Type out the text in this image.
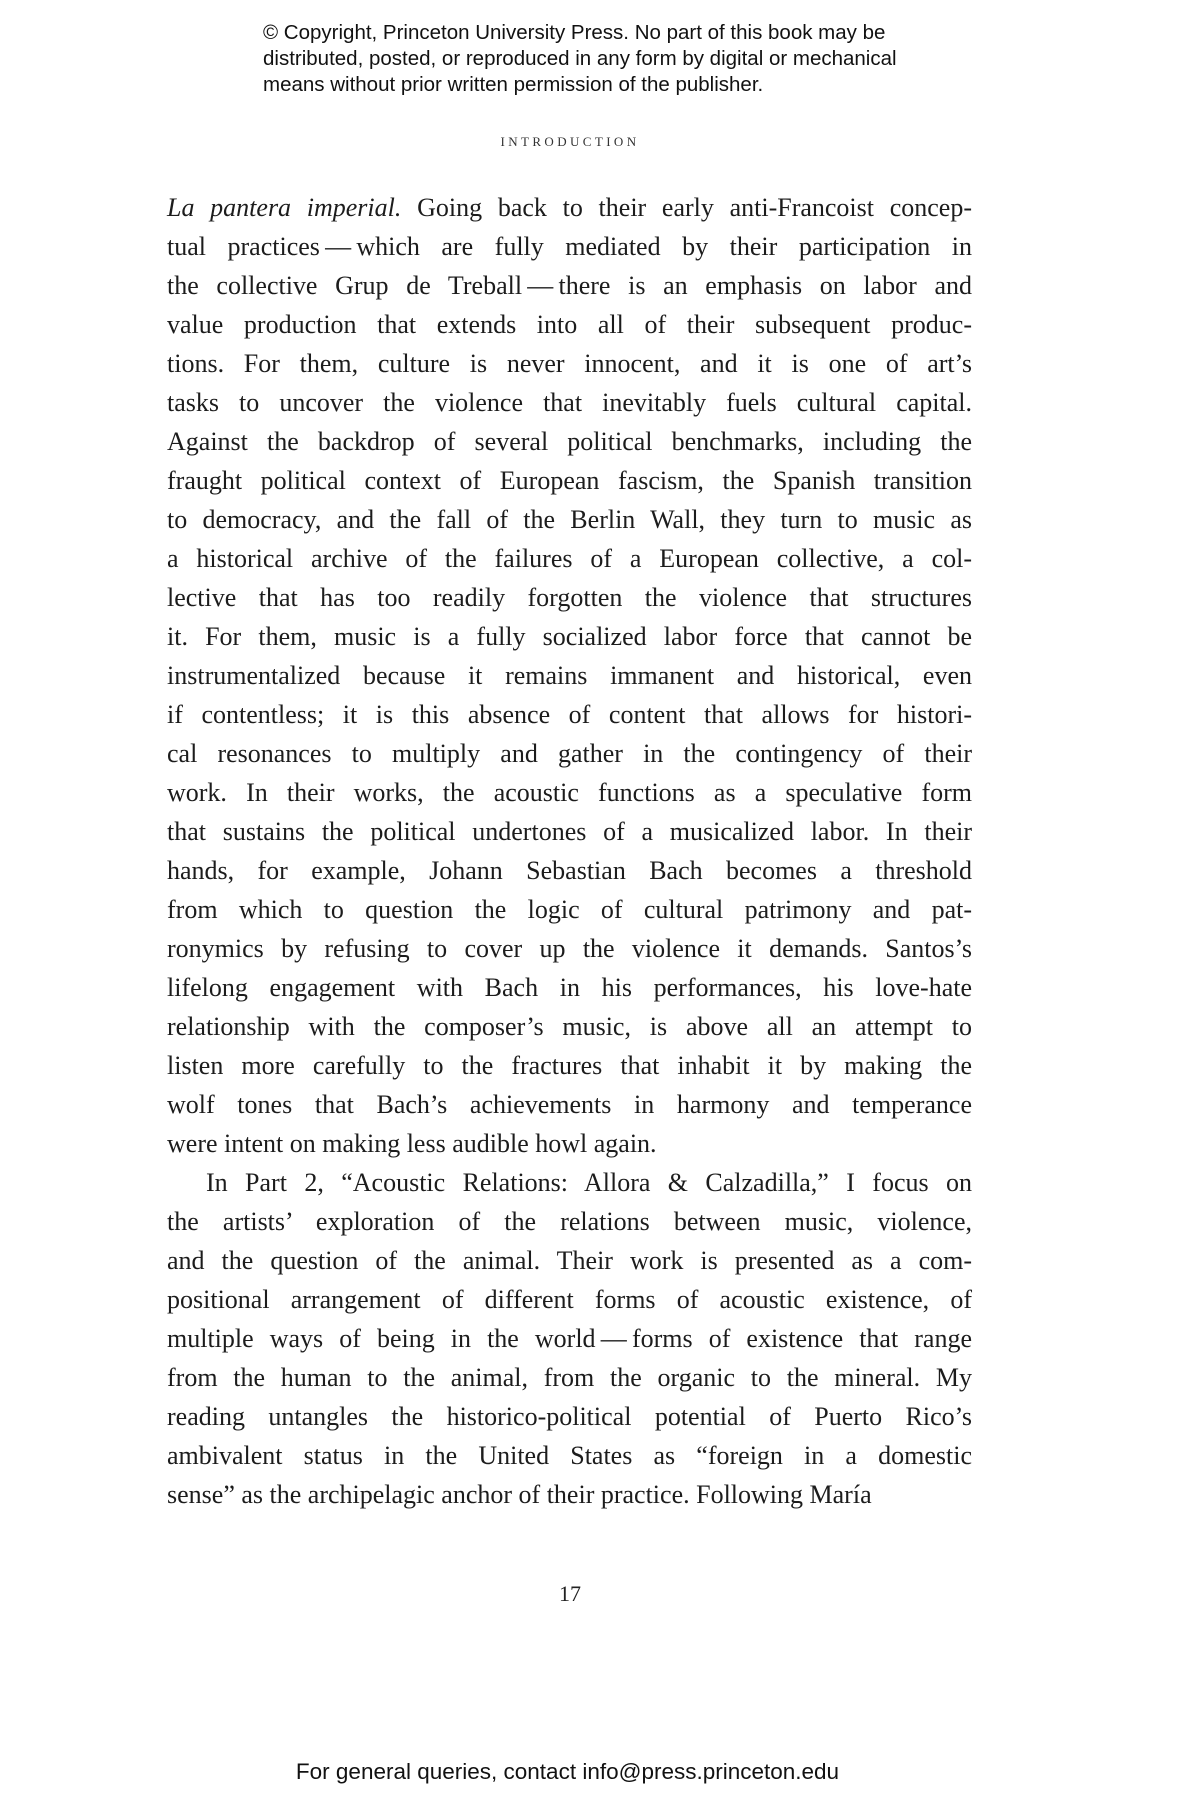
© Copyright, Princeton University Press. No part of this book may be
distributed, posted, or reproduced in any form by digital or mechanical
means without prior written permission of the publisher.
INTRODUCTION
La pantera imperial. Going back to their early anti-Francoist concep-
tual practices — which are fully mediated by their participation in
the collective Grup de Treball — there is an emphasis on labor and
value production that extends into all of their subsequent produc-
tions. For them, culture is never innocent, and it is one of art’s
tasks to uncover the violence that inevitably fuels cultural capital.
Against the backdrop of several political benchmarks, including the
fraught political context of European fascism, the Spanish transition
to democracy, and the fall of the Berlin Wall, they turn to music as
a historical archive of the failures of a European collective, a col-
lective that has too readily forgotten the violence that structures
it. For them, music is a fully socialized labor force that cannot be
instrumentalized because it remains immanent and historical, even
if contentless; it is this absence of content that allows for histori-
cal resonances to multiply and gather in the contingency of their
work. In their works, the acoustic functions as a speculative form
that sustains the political undertones of a musicalized labor. In their
hands, for example, Johann Sebastian Bach becomes a threshold
from which to question the logic of cultural patrimony and pat-
ronymics by refusing to cover up the violence it demands. Santos’s
lifelong engagement with Bach in his performances, his love-hate
relationship with the composer’s music, is above all an attempt to
listen more carefully to the fractures that inhabit it by making the
wolf tones that Bach’s achievements in harmony and temperance
were intent on making less audible howl again.
In Part 2, “Acoustic Relations: Allora & Calzadilla,” I focus on
the artists’ exploration of the relations between music, violence,
and the question of the animal. Their work is presented as a com-
positional arrangement of different forms of acoustic existence, of
multiple ways of being in the world — forms of existence that range
from the human to the animal, from the organic to the mineral. My
reading untangles the historico-political potential of Puerto Rico’s
ambivalent status in the United States as “foreign in a domestic
sense” as the archipelagic anchor of their practice. Following María
17
For general queries, contact info@press.princeton.edu
